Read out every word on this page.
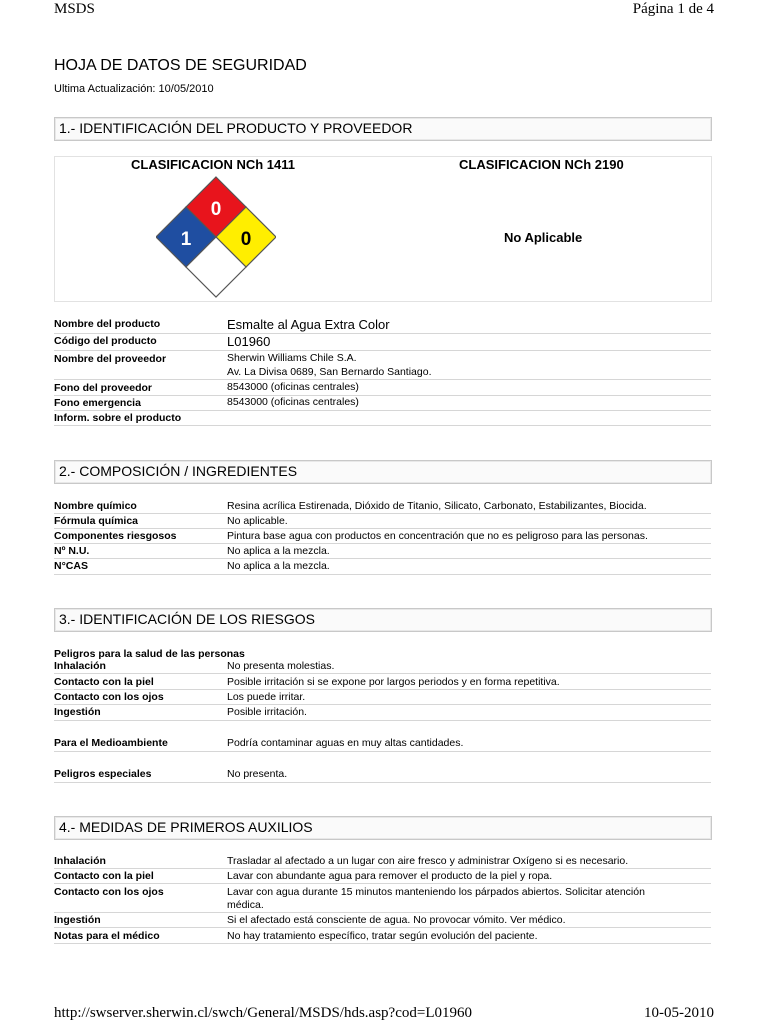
MSDS	Página 1 de 4
http://swserver.sherwin.cl/swch/General/MSDS/hds.asp?cod=L01960	10-05-2010
HOJA DE DATOS DE SEGURIDAD
Ultima Actualización: 10/05/2010
1.- IDENTIFICACIÓN DEL PRODUCTO Y PROVEEDOR
CLASIFICACION NCh 1411	CLASIFICACION NCh 2190
No Aplicable
0
1	0
Nombre del producto	Esmalte al Agua Extra Color
Código del producto	L01960
Nombre del proveedor	Sherwin Williams Chile S.A.
Av. La Divisa 0689, San Bernardo Santiago.
Fono del proveedor	8543000 (oficinas centrales)
Fono emergencia	8543000 (oficinas centrales)
Inform. sobre el producto
2.- COMPOSICIÓN / INGREDIENTES
Nombre químico	Resina acrílica Estirenada, Dióxido de Titanio, Silicato, Carbonato, Estabilizantes, Biocida.
Fórmula química	No aplicable.
Componentes riesgosos	Pintura base agua con productos en concentración que no es peligroso para las personas.
Nº N.U.	No aplica a la mezcla.
N°CAS	No aplica a la mezcla.
3.- IDENTIFICACIÓN DE LOS RIESGOS
Peligros para la salud de las personas
Inhalación	No presenta molestias.
Contacto con la piel	Posible irritación si se expone por largos periodos y en forma repetitiva.
Contacto con los ojos	Los puede irritar.
Ingestión	Posible irritación.
Para el Medioambiente	Podría contaminar aguas en muy altas cantidades.
Peligros especiales	No presenta.
4.- MEDIDAS DE PRIMEROS AUXILIOS
Inhalación	Trasladar al afectado a un lugar con aire fresco y administrar Oxígeno si es necesario.
Contacto con la piel	Lavar con abundante agua para remover el producto de la piel y ropa.
Contacto con los ojos	Lavar con agua durante 15 minutos manteniendo los párpados abiertos. Solicitar atención
médica.
Ingestión	Si el afectado está consciente de agua. No provocar vómito. Ver médico.
Notas para el médico	No hay tratamiento específico, tratar según evolución del paciente.
